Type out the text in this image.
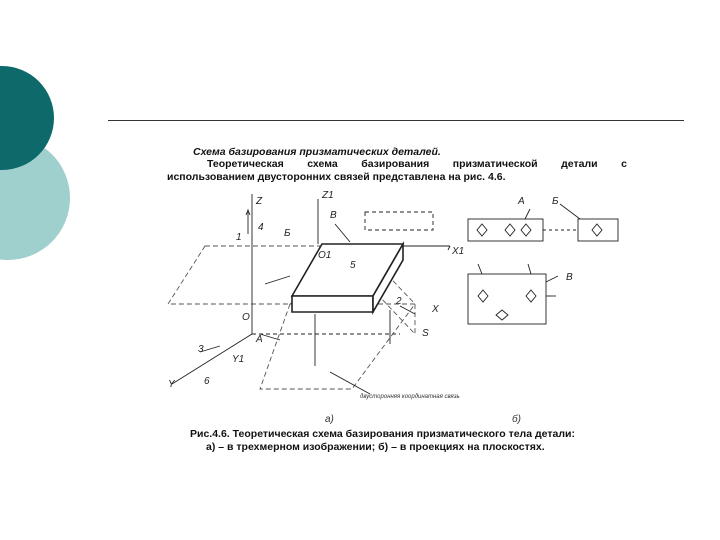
Схема базирования призматических деталей.
Теоретическая схема базирования призматической детали с
использованием двусторонних связей представлена на рис. 4.6.
Z
Z1
Y
Y1
X
X1
O
O1
Б
В
А
S
1
2
3
4
5
6
А	Б
В
двусторонняя координатная связь
а)	б)
Рис.4.6. Теоретическая схема базирования призматического тела детали:
а) – в трехмерном изображении; б) – в проекциях на плоскостях.
